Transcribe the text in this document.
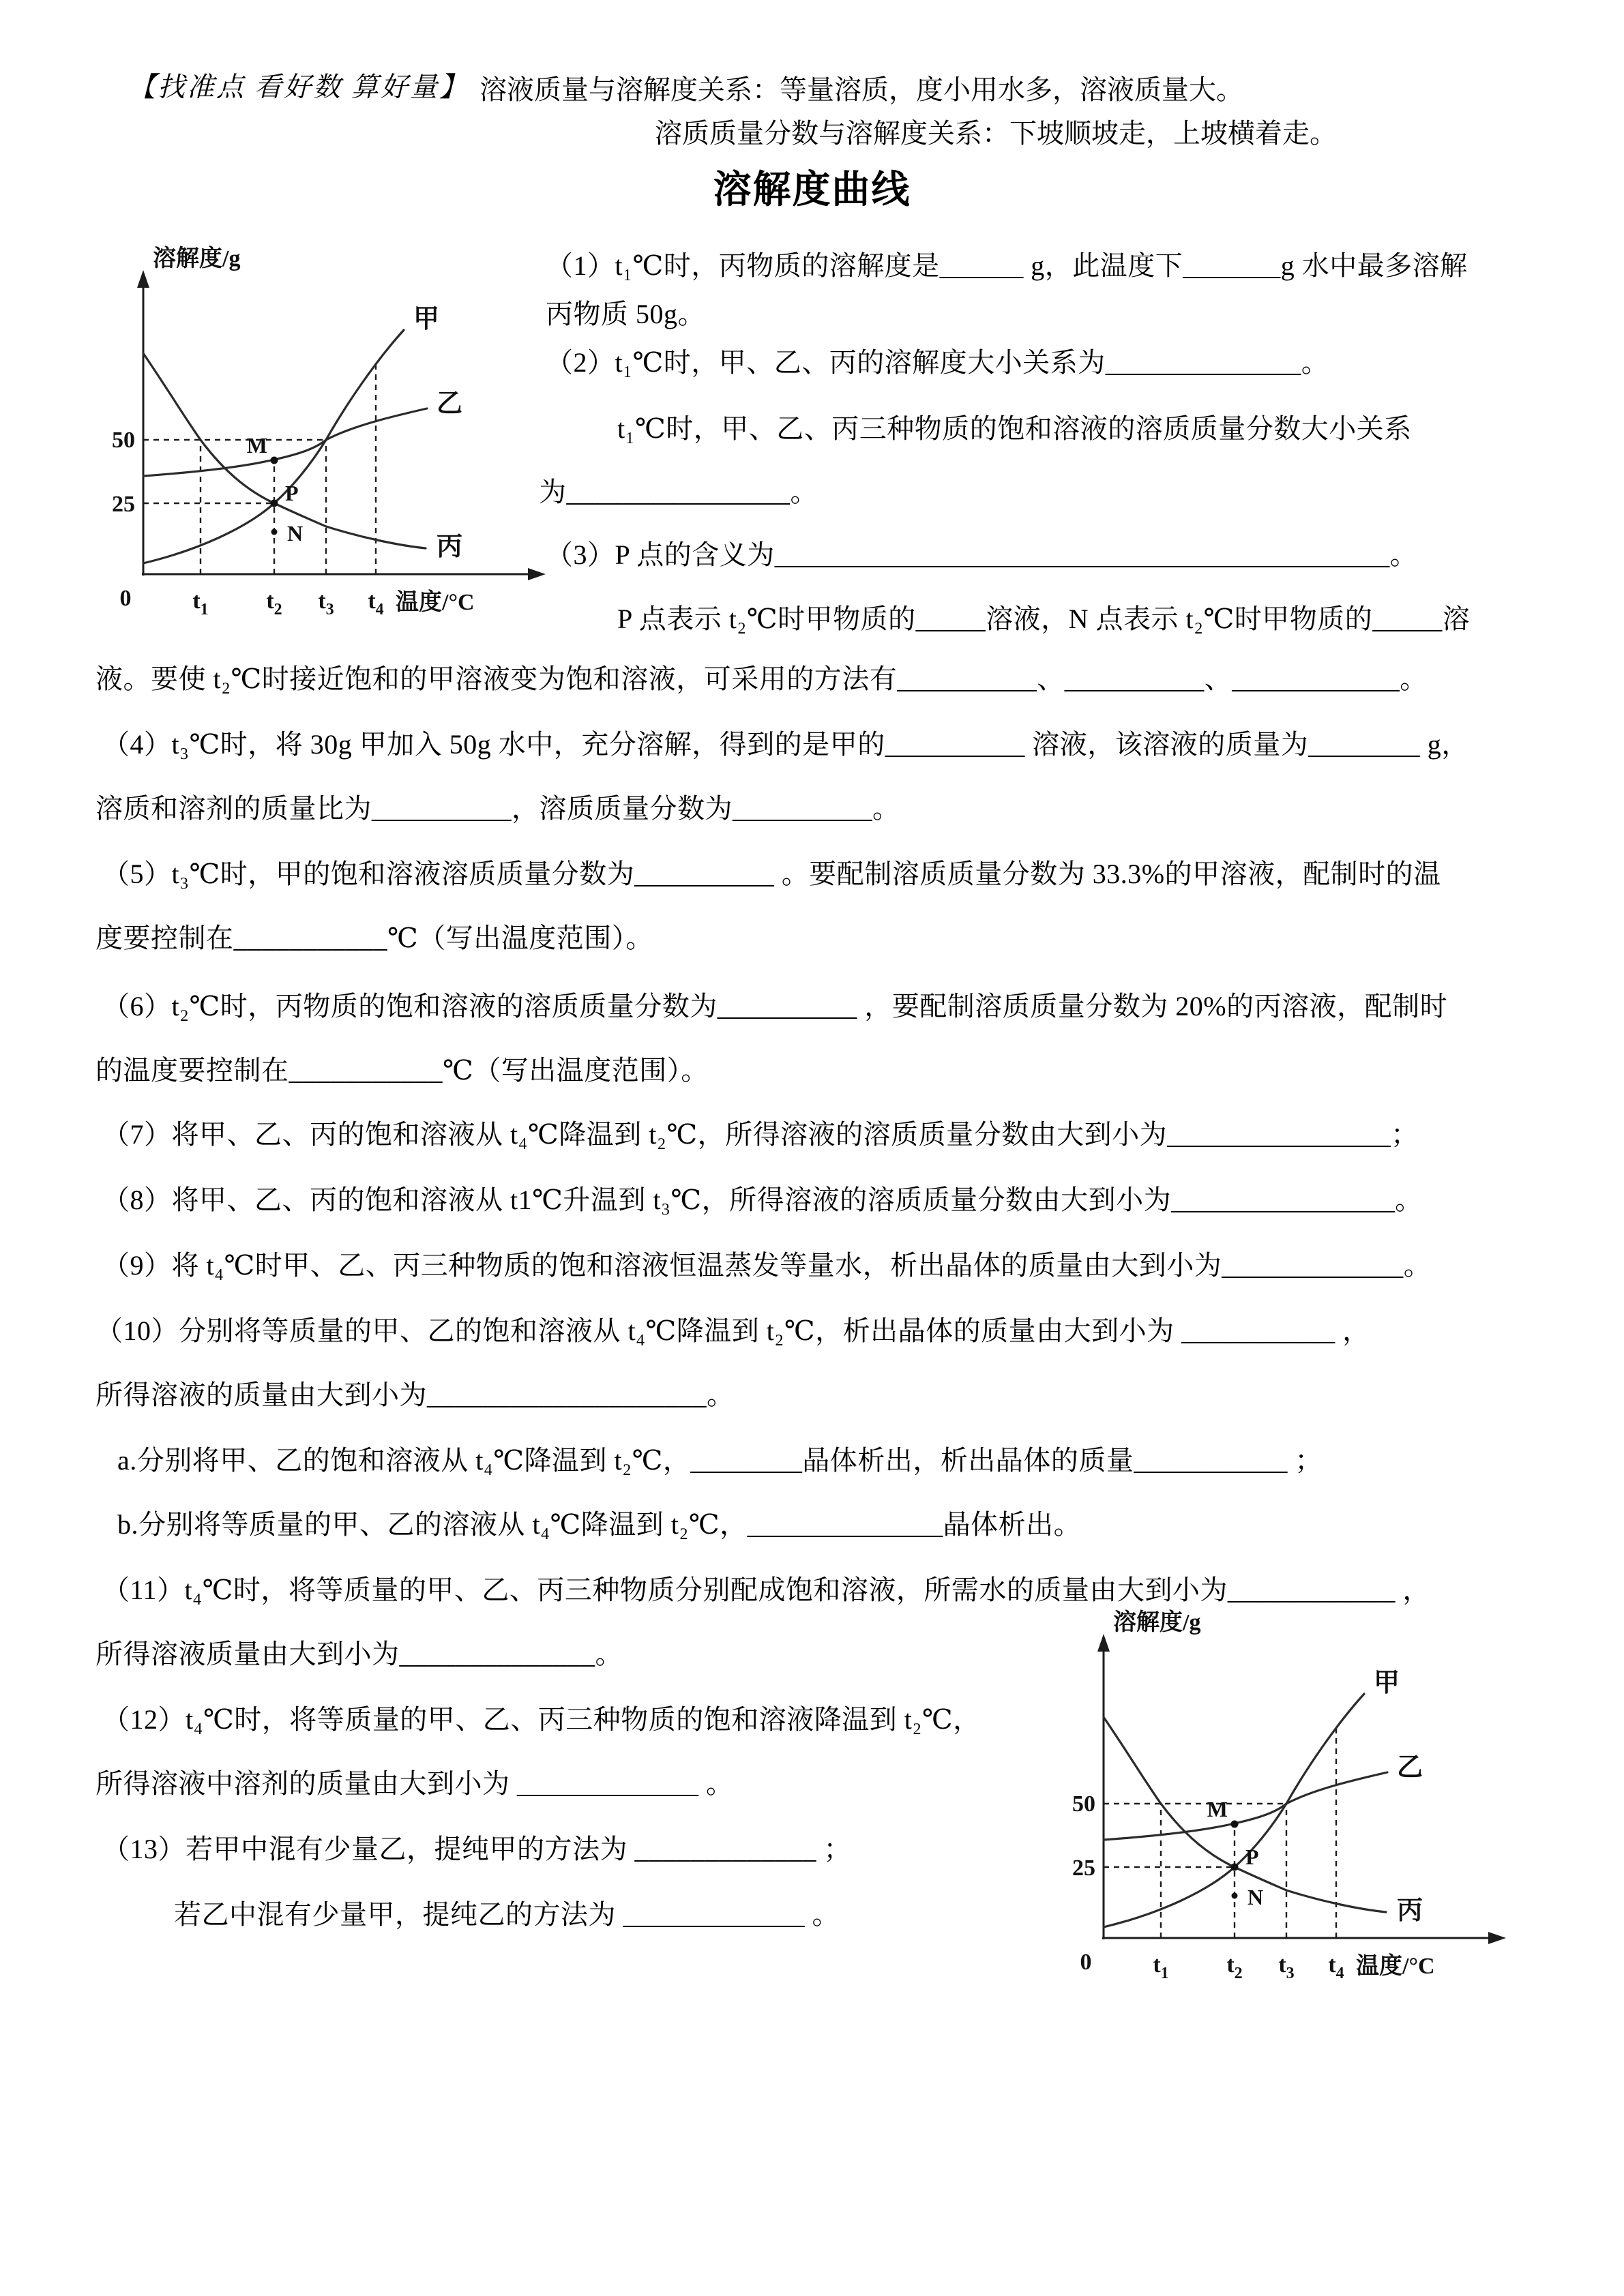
【找准点 看好数 算好量】 溶液质量与溶解度关系：等量溶质，度小用水多，溶液质量大。
溶质质量分数与溶解度关系：下坡顺坡走，上坡横着走。
溶解度曲线
M
P
N
甲
乙
丙
溶解度/g
温度/°C
50
25
0	$t_1$ $t_2$ $t_3$ $t_4$
M
P
N
甲
乙
丙
溶解度/g
温度/°C
50
25
0	$t_1$ $t_2$ $t_3$ $t_4$
（1）t₁℃时，丙物质的溶解度是______ g，此温度下_______g 水中最多溶解
丙物质 50g。
（2）t₁℃时，甲、乙、丙的溶解度大小关系为______________。
t₁℃时，甲、乙、丙三种物质的饱和溶液的溶质质量分数大小关系
为________________。
（3）P 点的含义为____________________________________________。
P 点表示 t₂℃时甲物质的_____溶液，N 点表示 t₂℃时甲物质的_____溶
液。要使 t₂℃时接近饱和的甲溶液变为饱和溶液，可采用的方法有__________、__________、____________。
（4）t₃℃时，将 30g 甲加入 50g 水中，充分溶解，得到的是甲的__________ 溶液，该溶液的质量为________ g，
溶质和溶剂的质量比为__________，溶质质量分数为__________。
（5）t₃℃时，甲的饱和溶液溶质质量分数为__________ 。要配制溶质质量分数为 33.3%的甲溶液，配制时的温
度要控制在___________℃（写出温度范围）。
（6）t₂℃时，丙物质的饱和溶液的溶质质量分数为__________ ，要配制溶质质量分数为 20%的丙溶液，配制时
的温度要控制在___________℃（写出温度范围）。
（7）将甲、乙、丙的饱和溶液从 t₄℃降温到 t₂℃，所得溶液的溶质质量分数由大到小为________________；
（8）将甲、乙、丙的饱和溶液从 t1℃升温到 t₃℃，所得溶液的溶质质量分数由大到小为________________。
（9）将 t₄℃时甲、乙、丙三种物质的饱和溶液恒温蒸发等量水，析出晶体的质量由大到小为_____________。
（10）分别将等质量的甲、乙的饱和溶液从 t₄℃降温到 t₂℃，析出晶体的质量由大到小为 ___________ ，
所得溶液的质量由大到小为____________________。
a.分别将甲、乙的饱和溶液从 t₄℃降温到 t₂℃，________晶体析出，析出晶体的质量___________ ；
b.分别将等质量的甲、乙的溶液从 t₄℃降温到 t₂℃，______________晶体析出。
（11）t₄℃时，将等质量的甲、乙、丙三种物质分别配成饱和溶液，所需水的质量由大到小为____________ ，
所得溶液质量由大到小为______________。
（12）t₄℃时，将等质量的甲、乙、丙三种物质的饱和溶液降温到 t₂℃，
所得溶液中溶剂的质量由大到小为 _____________ 。
（13）若甲中混有少量乙，提纯甲的方法为 _____________ ；
若乙中混有少量甲，提纯乙的方法为 _____________ 。
